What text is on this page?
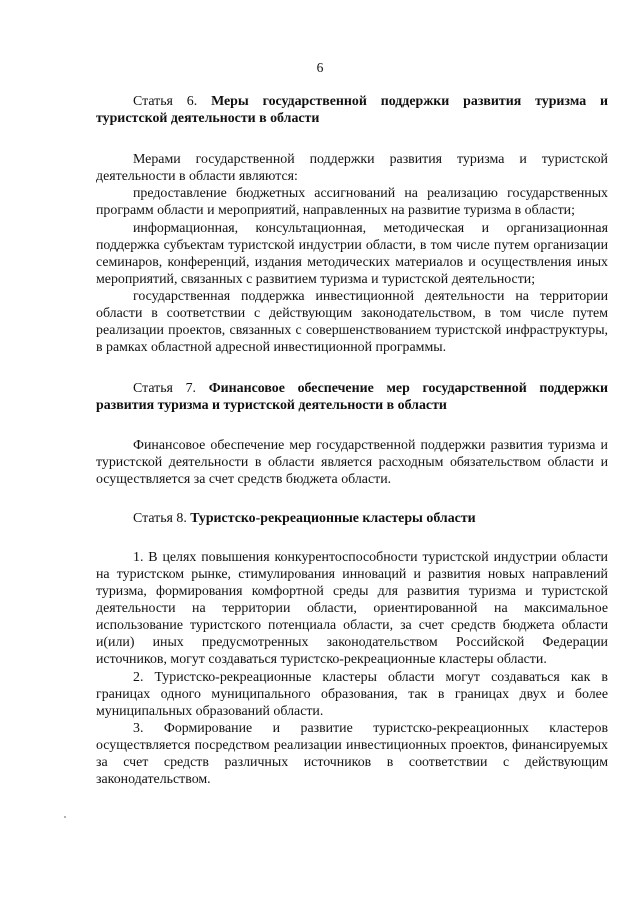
6

Статья 6. Меры государственной поддержки развития туризма и туристской деятельности в области

Мерами государственной поддержки развития туризма и туристской деятельности в области являются:

предоставление бюджетных ассигнований на реализацию государственных программ области и мероприятий, направленных на развитие туризма в области;

информационная, консультационная, методическая и организационная поддержка субъектам туристской индустрии области, в том числе путем организации семинаров, конференций, издания методических материалов и осуществления иных мероприятий, связанных с развитием туризма и туристской деятельности;

государственная поддержка инвестиционной деятельности на территории области в соответствии с действующим законодательством, в том числе путем реализации проектов, связанных с совершенствованием туристской инфраструктуры, в рамках областной адресной инвестиционной программы.

Статья 7. Финансовое обеспечение мер государственной поддержки развития туризма и туристской деятельности в области

Финансовое обеспечение мер государственной поддержки развития туризма и туристской деятельности в области является расходным обязательством области и осуществляется за счет средств бюджета области.

Статья 8. Туристско-рекреационные кластеры области

1. В целях повышения конкурентоспособности туристской индустрии области на туристском рынке, стимулирования инноваций и развития новых направлений туризма, формирования комфортной среды для развития туризма и туристской деятельности на территории области, ориентированной на максимальное использование туристского потенциала области, за счет средств бюджета области и(или) иных предусмотренных законодательством Российской Федерации источников, могут создаваться туристско-рекреационные кластеры области.

2. Туристско-рекреационные кластеры области могут создаваться как в границах одного муниципального образования, так в границах двух и более муниципальных образований области.

3. Формирование и развитие туристско-рекреационных кластеров осуществляется посредством реализации инвестиционных проектов, финансируемых за счет средств различных источников в соответствии с действующим законодательством.
